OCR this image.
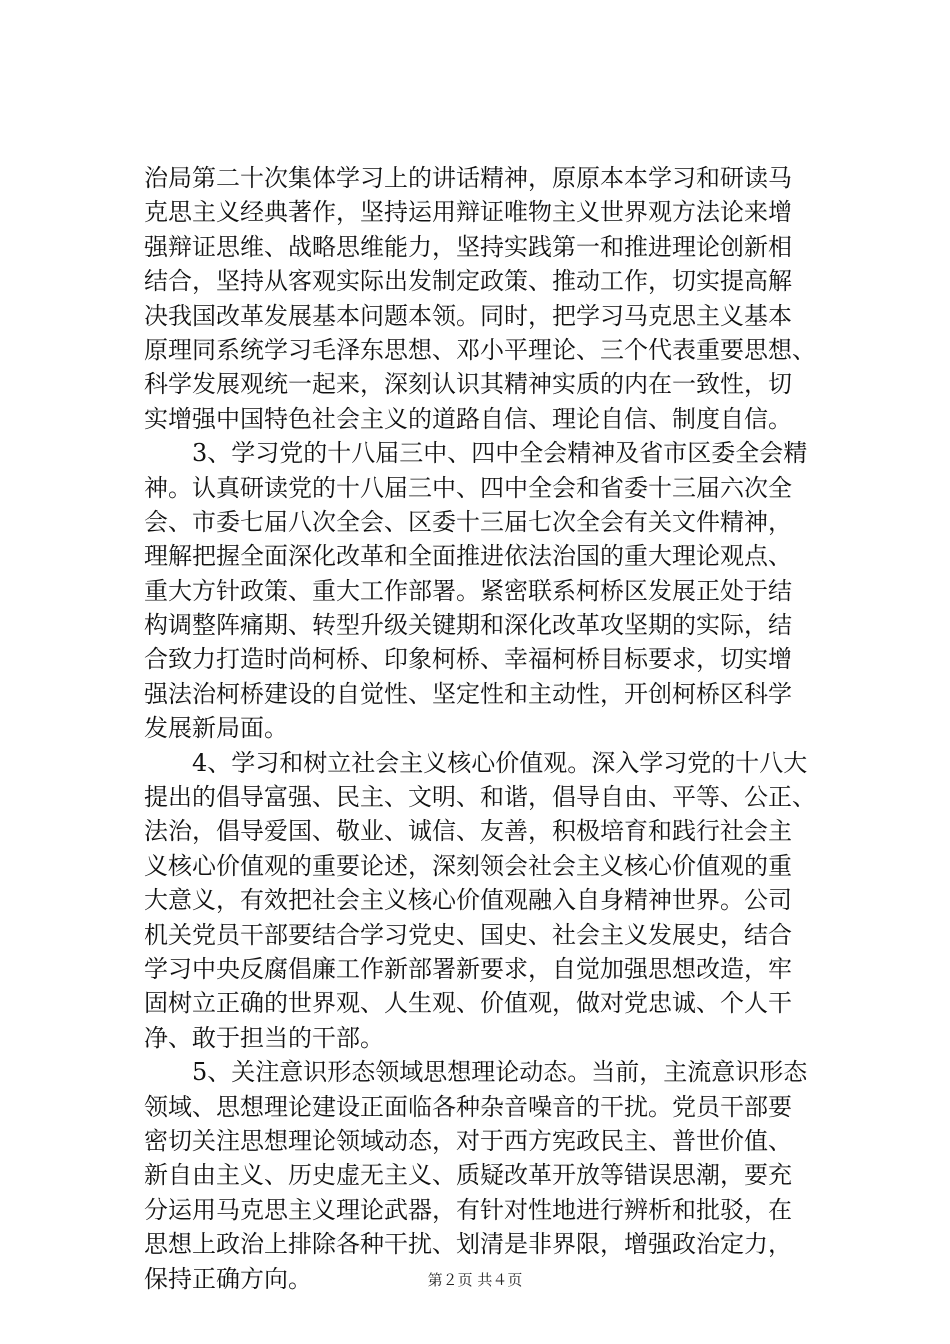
治局第二十次集体学习上的讲话精神，原原本本学习和研读马
克思主义经典著作，坚持运用辩证唯物主义世界观方法论来增
强辩证思维、战略思维能力，坚持实践第一和推进理论创新相
结合，坚持从客观实际出发制定政策、推动工作，切实提高解
决我国改革发展基本问题本领。同时，把学习马克思主义基本
原理同系统学习毛泽东思想、邓小平理论、三个代表重要思想、
科学发展观统一起来，深刻认识其精神实质的内在一致性，切
实增强中国特色社会主义的道路自信、理论自信、制度自信。
　　3、学习党的十八届三中、四中全会精神及省市区委全会精
神。认真研读党的十八届三中、四中全会和省委十三届六次全
会、市委七届八次全会、区委十三届七次全会有关文件精神，
理解把握全面深化改革和全面推进依法治国的重大理论观点、
重大方针政策、重大工作部署。紧密联系柯桥区发展正处于结
构调整阵痛期、转型升级关键期和深化改革攻坚期的实际，结
合致力打造时尚柯桥、印象柯桥、幸福柯桥目标要求，切实增
强法治柯桥建设的自觉性、坚定性和主动性，开创柯桥区科学
发展新局面。
　　4、学习和树立社会主义核心价值观。深入学习党的十八大
提出的倡导富强、民主、文明、和谐，倡导自由、平等、公正、
法治，倡导爱国、敬业、诚信、友善，积极培育和践行社会主
义核心价值观的重要论述，深刻领会社会主义核心价值观的重
大意义，有效把社会主义核心价值观融入自身精神世界。公司
机关党员干部要结合学习党史、国史、社会主义发展史，结合
学习中央反腐倡廉工作新部署新要求，自觉加强思想改造，牢
固树立正确的世界观、人生观、价值观，做对党忠诚、个人干
净、敢于担当的干部。
　　5、关注意识形态领域思想理论动态。当前，主流意识形态
领域、思想理论建设正面临各种杂音噪音的干扰。党员干部要
密切关注思想理论领域动态，对于西方宪政民主、普世价值、
新自由主义、历史虚无主义、质疑改革开放等错误思潮，要充
分运用马克思主义理论武器，有针对性地进行辨析和批驳，在
思想上政治上排除各种干扰、划清是非界限，增强政治定力，
保持正确方向。	第２页 共４页
